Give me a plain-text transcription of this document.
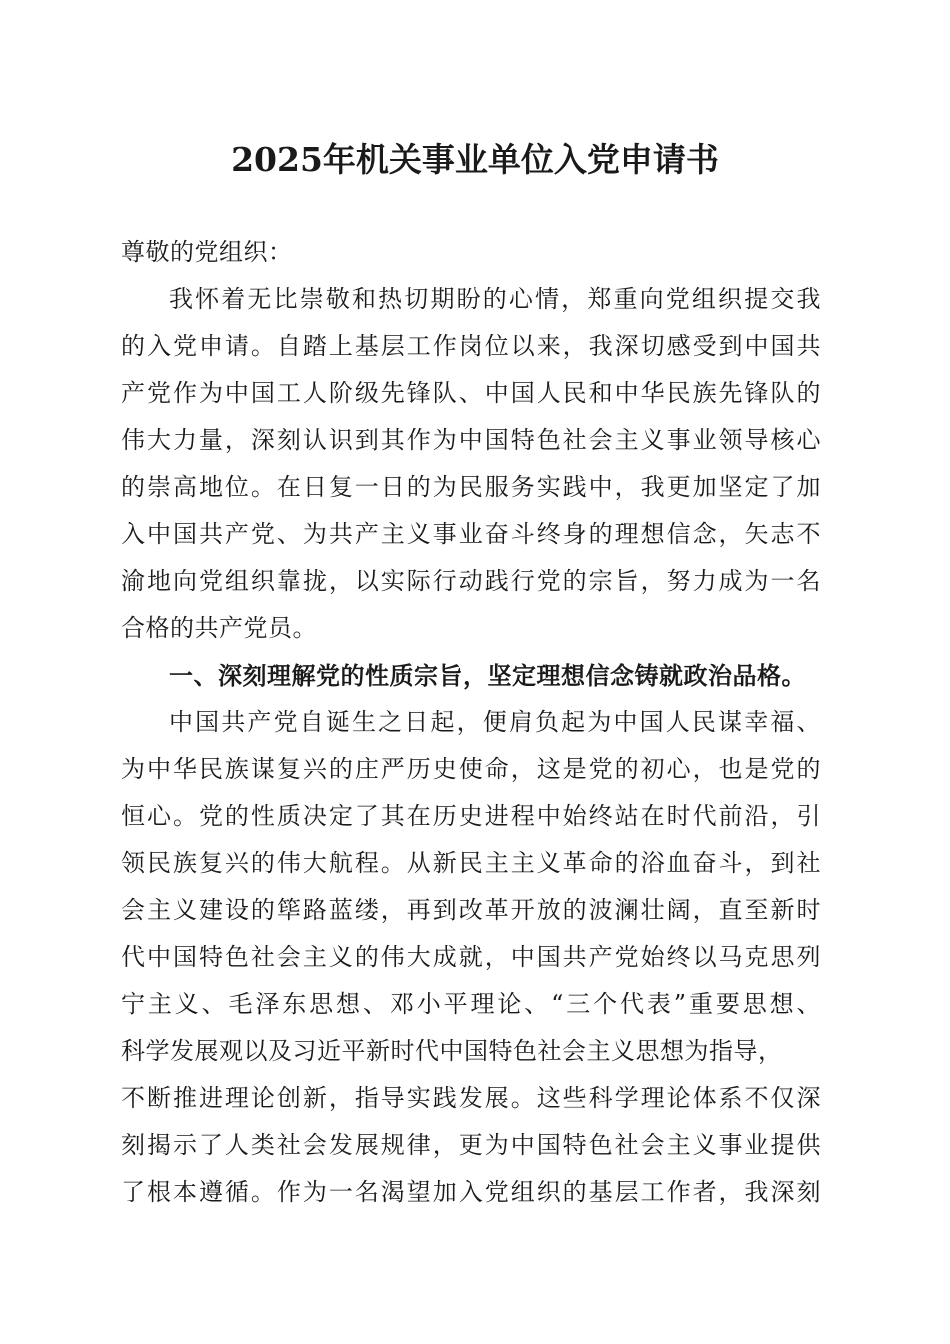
2025年机关事业单位入党申请书
尊敬的党组织：
我怀着无比崇敬和热切期盼的心情，郑重向党组织提交我
的入党申请。自踏上基层工作岗位以来，我深切感受到中国共
产党作为中国工人阶级先锋队、中国人民和中华民族先锋队的
伟大力量，深刻认识到其作为中国特色社会主义事业领导核心
的崇高地位。在日复一日的为民服务实践中，我更加坚定了加
入中国共产党、为共产主义事业奋斗终身的理想信念，矢志不
渝地向党组织靠拢，以实际行动践行党的宗旨，努力成为一名
合格的共产党员。
一、深刻理解党的性质宗旨，坚定理想信念铸就政治品格。
中国共产党自诞生之日起，便肩负起为中国人民谋幸福、
为中华民族谋复兴的庄严历史使命，这是党的初心，也是党的
恒心。党的性质决定了其在历史进程中始终站在时代前沿，引
领民族复兴的伟大航程。从新民主主义革命的浴血奋斗，到社
会主义建设的筚路蓝缕，再到改革开放的波澜壮阔，直至新时
代中国特色社会主义的伟大成就，中国共产党始终以马克思列
宁主义、毛泽东思想、邓小平理论、“三个代表”重要思想、
科学发展观以及习近平新时代中国特色社会主义思想为指导，
不断推进理论创新，指导实践发展。这些科学理论体系不仅深
刻揭示了人类社会发展规律，更为中国特色社会主义事业提供
了根本遵循。作为一名渴望加入党组织的基层工作者，我深刻
